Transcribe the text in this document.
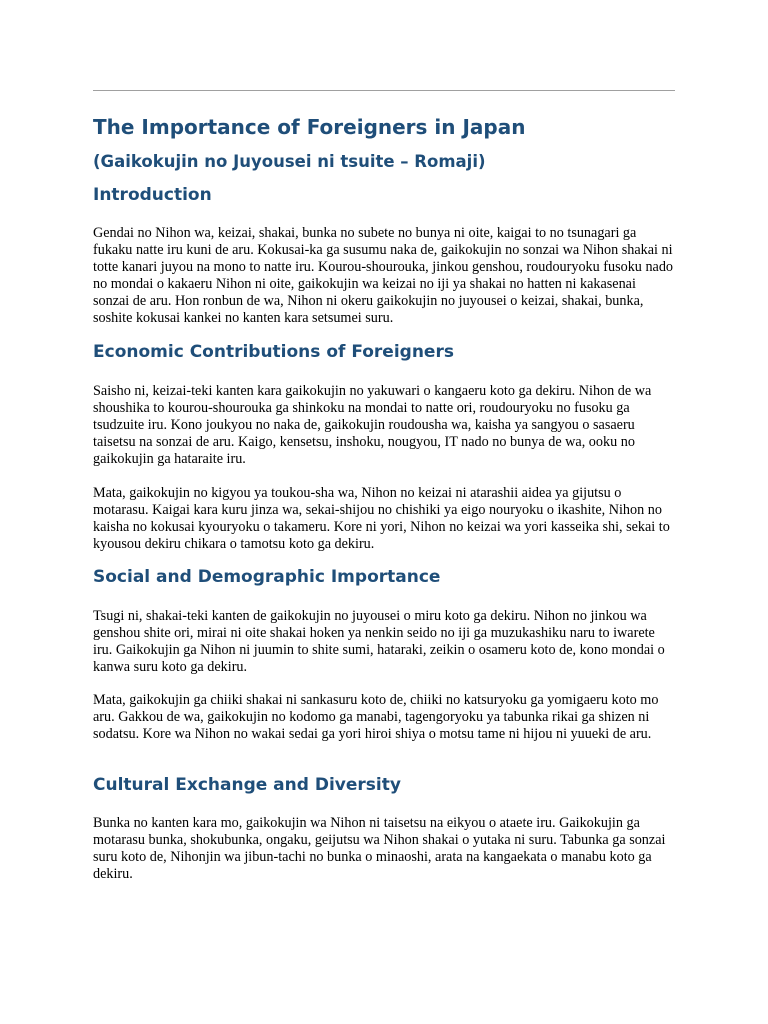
The Importance of Foreigners in Japan
(Gaikokujin no Juyousei ni tsuite – Romaji)
Introduction

Gendai no Nihon wa, keizai, shakai, bunka no subete no bunya ni oite, kaigai to no tsunagari ga fukaku natte iru kuni de aru. Kokusai-ka ga susumu naka de, gaikokujin no sonzai wa Nihon shakai ni totte kanari juyou na mono to natte iru. Kourou-shourouka, jinkou genshou, roudouryoku fusoku nado no mondai o kakaeru Nihon ni oite, gaikokujin wa keizai no iji ya shakai no hatten ni kakasenai sonzai de aru. Hon ronbun de wa, Nihon ni okeru gaikokujin no juyousei o keizai, shakai, bunka, soshite kokusai kankei no kanten kara setsumei suru.

Economic Contributions of Foreigners

Saisho ni, keizai-teki kanten kara gaikokujin no yakuwari o kangaeru koto ga dekiru. Nihon de wa shoushika to kourou-shourouka ga shinkoku na mondai to natte ori, roudouryoku no fusoku ga tsudzuite iru. Kono joukyou no naka de, gaikokujin roudousha wa, kaisha ya sangyou o sasaeru taisetsu na sonzai de aru. Kaigo, kensetsu, inshoku, nougyou, IT nado no bunya de wa, ooku no gaikokujin ga hataraite iru.

Mata, gaikokujin no kigyou ya toukou-sha wa, Nihon no keizai ni atarashii aidea ya gijutsu o motarasu. Kaigai kara kuru jinza wa, sekai-shijou no chishiki ya eigo nouryoku o ikashite, Nihon no kaisha no kokusai kyouryoku o takameru. Kore ni yori, Nihon no keizai wa yori kasseika shi, sekai to kyousou dekiru chikara o tamotsu koto ga dekiru.

Social and Demographic Importance

Tsugi ni, shakai-teki kanten de gaikokujin no juyousei o miru koto ga dekiru. Nihon no jinkou wa genshou shite ori, mirai ni oite shakai hoken ya nenkin seido no iji ga muzukashiku naru to iwarete iru. Gaikokujin ga Nihon ni juumin to shite sumi, hataraki, zeikin o osameru koto de, kono mondai o kanwa suru koto ga dekiru.

Mata, gaikokujin ga chiiki shakai ni sankasuru koto de, chiiki no katsuryoku ga yomigaeru koto mo aru. Gakkou de wa, gaikokujin no kodomo ga manabi, tagengoryoku ya tabunka rikai ga shizen ni sodatsu. Kore wa Nihon no wakai sedai ga yori hiroi shiya o motsu tame ni hijou ni yuueki de aru.

Cultural Exchange and Diversity

Bunka no kanten kara mo, gaikokujin wa Nihon ni taisetsu na eikyou o ataete iru. Gaikokujin ga motarasu bunka, shokubunka, ongaku, geijutsu wa Nihon shakai o yutaka ni suru. Tabunka ga sonzai suru koto de, Nihonjin wa jibun-tachi no bunka o minaoshi, arata na kangaekata o manabu koto ga dekiru.
